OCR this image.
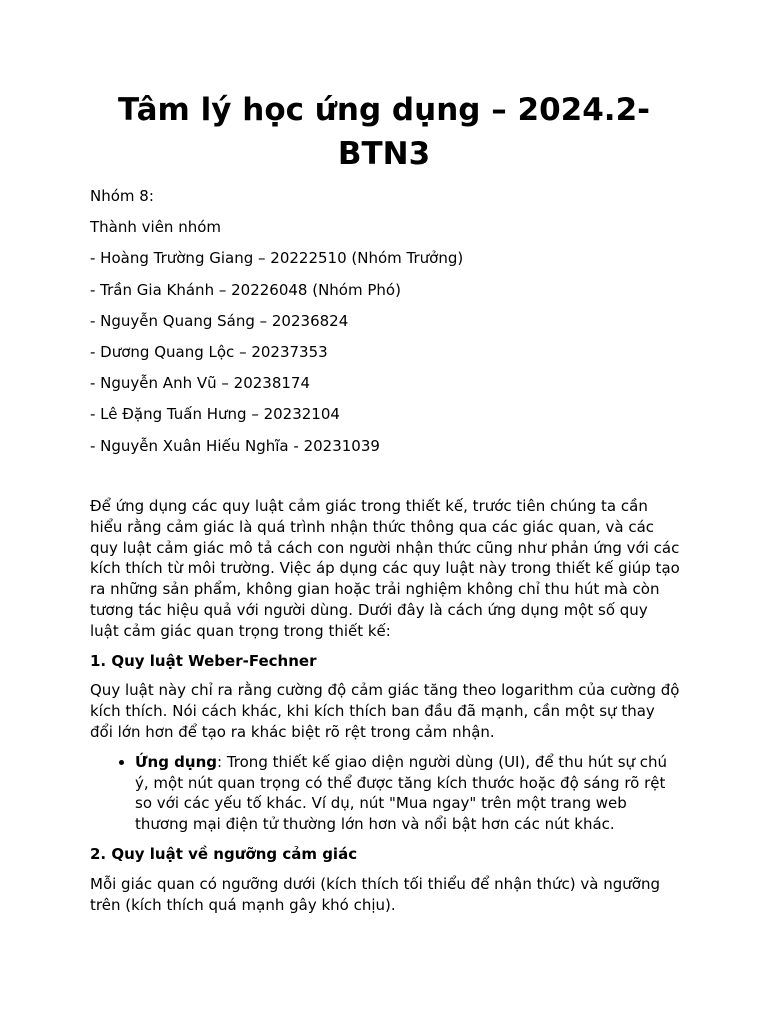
Tâm lý học ứng dụng – 2024.2-
BTN3
Nhóm 8:
Thành viên nhóm
- Hoàng Trường Giang – 20222510 (Nhóm Trưởng)
- Trần Gia Khánh – 20226048 (Nhóm Phó)
- Nguyễn Quang Sáng – 20236824
- Dương Quang Lộc – 20237353
- Nguyễn Anh Vũ – 20238174
- Lê Đặng Tuấn Hưng – 20232104
- Nguyễn Xuân Hiếu Nghĩa - 20231039

Để ứng dụng các quy luật cảm giác trong thiết kế, trước tiên chúng ta cần hiểu rằng cảm giác là quá trình nhận thức thông qua các giác quan, và các quy luật cảm giác mô tả cách con người nhận thức cũng như phản ứng với các kích thích từ môi trường. Việc áp dụng các quy luật này trong thiết kế giúp tạo ra những sản phẩm, không gian hoặc trải nghiệm không chỉ thu hút mà còn tương tác hiệu quả với người dùng. Dưới đây là cách ứng dụng một số quy luật cảm giác quan trọng trong thiết kế:

1. Quy luật Weber-Fechner

Quy luật này chỉ ra rằng cường độ cảm giác tăng theo logarithm của cường độ kích thích. Nói cách khác, khi kích thích ban đầu đã mạnh, cần một sự thay đổi lớn hơn để tạo ra khác biệt rõ rệt trong cảm nhận.

• Ứng dụng: Trong thiết kế giao diện người dùng (UI), để thu hút sự chú ý, một nút quan trọng có thể được tăng kích thước hoặc độ sáng rõ rệt so với các yếu tố khác. Ví dụ, nút "Mua ngay" trên một trang web thương mại điện tử thường lớn hơn và nổi bật hơn các nút khác.

2. Quy luật về ngưỡng cảm giác

Mỗi giác quan có ngưỡng dưới (kích thích tối thiểu để nhận thức) và ngưỡng trên (kích thích quá mạnh gây khó chịu).
